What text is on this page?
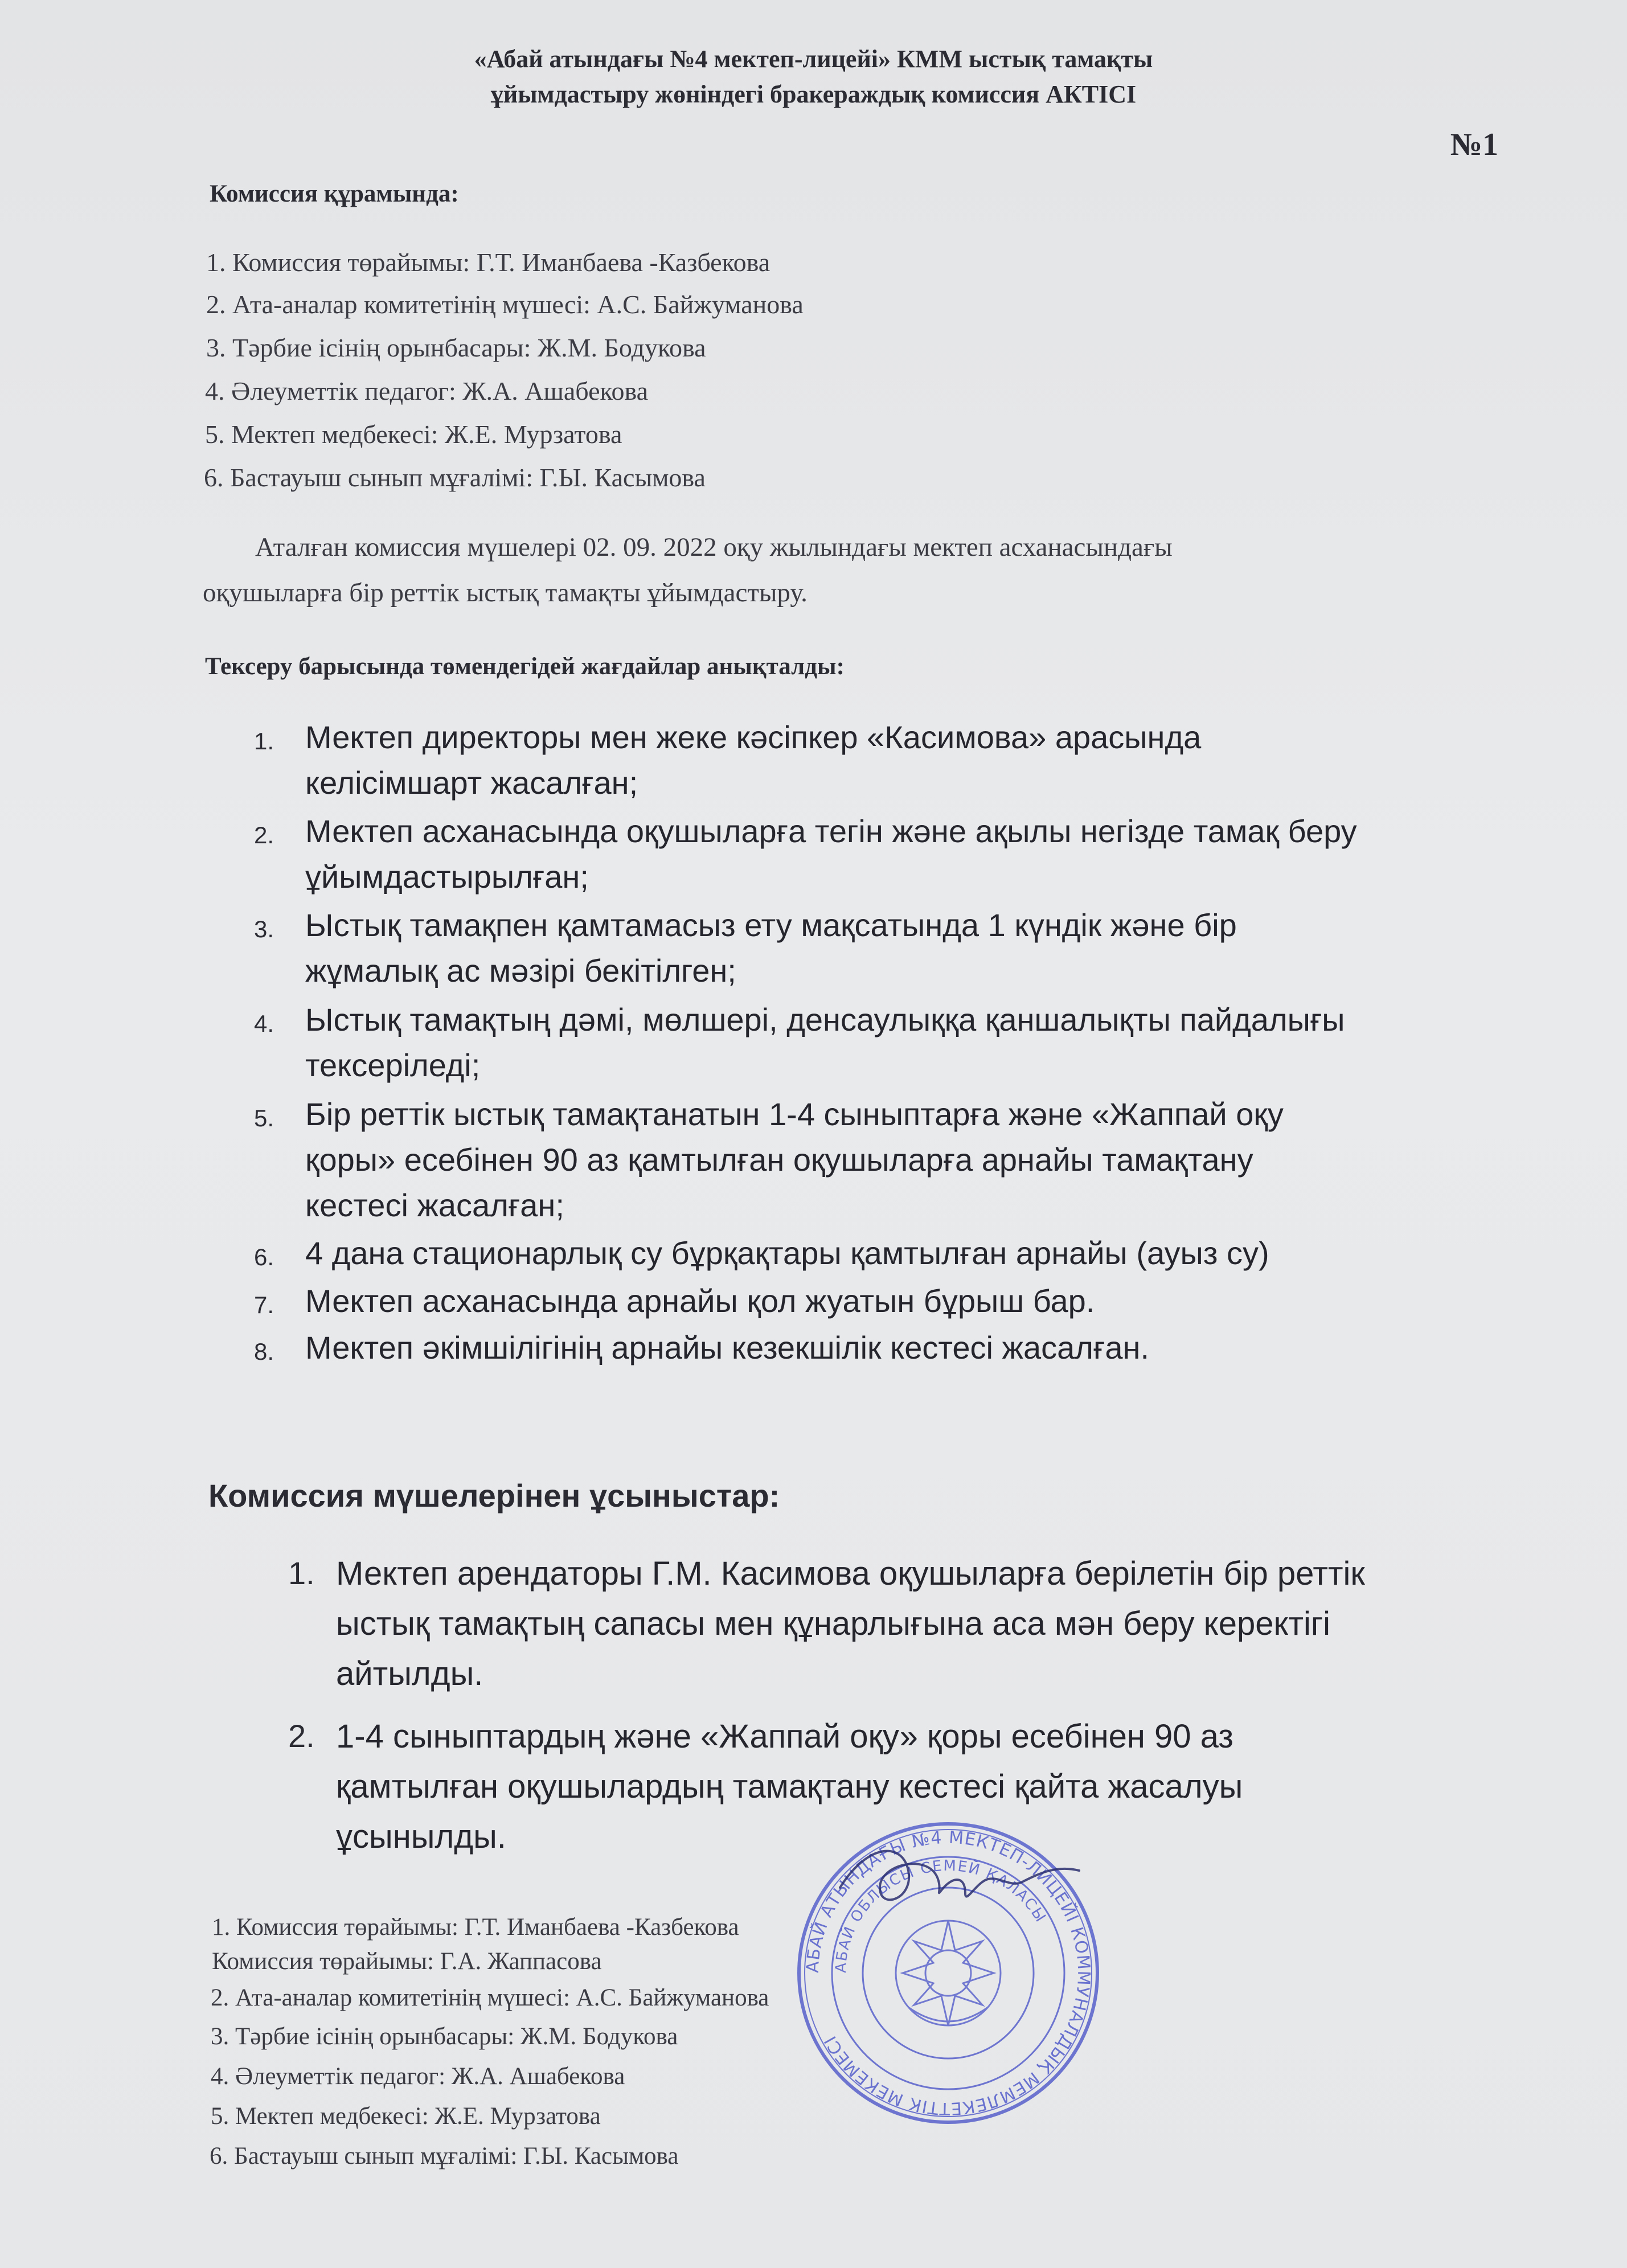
«Абай атындағы №4 мектеп-лицейі» КММ ыстық тамақты
ұйымдастыру жөніндегі бракераждық комиссия АКТІСІ
№1
Комиссия құрамында:
1. Комиссия төрайымы: Г.Т. Иманбаева -Казбекова
2. Ата-аналар комитетінің мүшесі: А.С. Байжуманова
3. Тәрбие ісінің орынбасары: Ж.М. Бодукова
4. Әлеуметтік педагог: Ж.А. Ашабекова
5. Мектеп медбекесі: Ж.Е. Мурзатова
6. Бастауыш сынып мұғалімі: Г.Ы. Касымова
Аталған комиссия мүшелері 02. 09. 2022 оқу жылындағы мектеп асханасындағы
оқушыларға бір реттік ыстық тамақты ұйымдастыру.
Тексеру барысында төмендегідей жағдайлар анықталды:
1. Мектеп директоры мен жеке кәсіпкер «Касимова» арасында
келісімшарт жасалған;
2. Мектеп асханасында оқушыларға тегін және ақылы негізде тамақ беру
ұйымдастырылған;
3. Ыстық тамақпен қамтамасыз ету мақсатында 1 күндік және бір
жұмалық ас мәзірі бекітілген;
4. Ыстық тамақтың дәмі, мөлшері, денсаулыққа қаншалықты пайдалығы
тексеріледі;
5. Бір реттік ыстық тамақтанатын 1-4 сыныптарға және «Жаппай оқу
қоры» есебінен 90 аз қамтылған оқушыларға арнайы тамақтану
кестесі жасалған;
6. 4 дана стационарлық су бұрқақтары қамтылған арнайы (ауыз су)
7. Мектеп асханасында арнайы қол жуатын бұрыш бар.
8. Мектеп әкімшілігінің арнайы кезекшілік кестесі жасалған.
Комиссия мүшелерінен ұсыныстар:
1. Мектеп арендаторы Г.М. Касимова оқушыларға берілетін бір реттік
ыстық тамақтың сапасы мен құнарлығына аса мән беру керектігі
айтылды.
2. 1-4 сыныптардың және «Жаппай оқу» қоры есебінен 90 аз
қамтылған оқушылардың тамақтану кестесі қайта жасалуы
ұсынылды.
1. Комиссия төрайымы: Г.Т. Иманбаева -Казбекова
Комиссия төрайымы: Г.А. Жаппасова
2. Ата-аналар комитетінің мүшесі: А.С. Байжуманова
3. Тәрбие ісінің орынбасары: Ж.М. Бодукова
4. Әлеуметтік педагог: Ж.А. Ашабекова
5. Мектеп медбекесі: Ж.Е. Мурзатова
6. Бастауыш сынып мұғалімі: Г.Ы. Касымова
АБАЙ АТЫНДАҒЫ №4 МЕКТЕП-ЛИЦЕЙІ КОММУНАЛДЫҚ МЕМЛЕКЕТТІК МЕКЕМЕСІ
АБАЙ ОБЛЫСЫ СЕМЕЙ ҚАЛАСЫ
